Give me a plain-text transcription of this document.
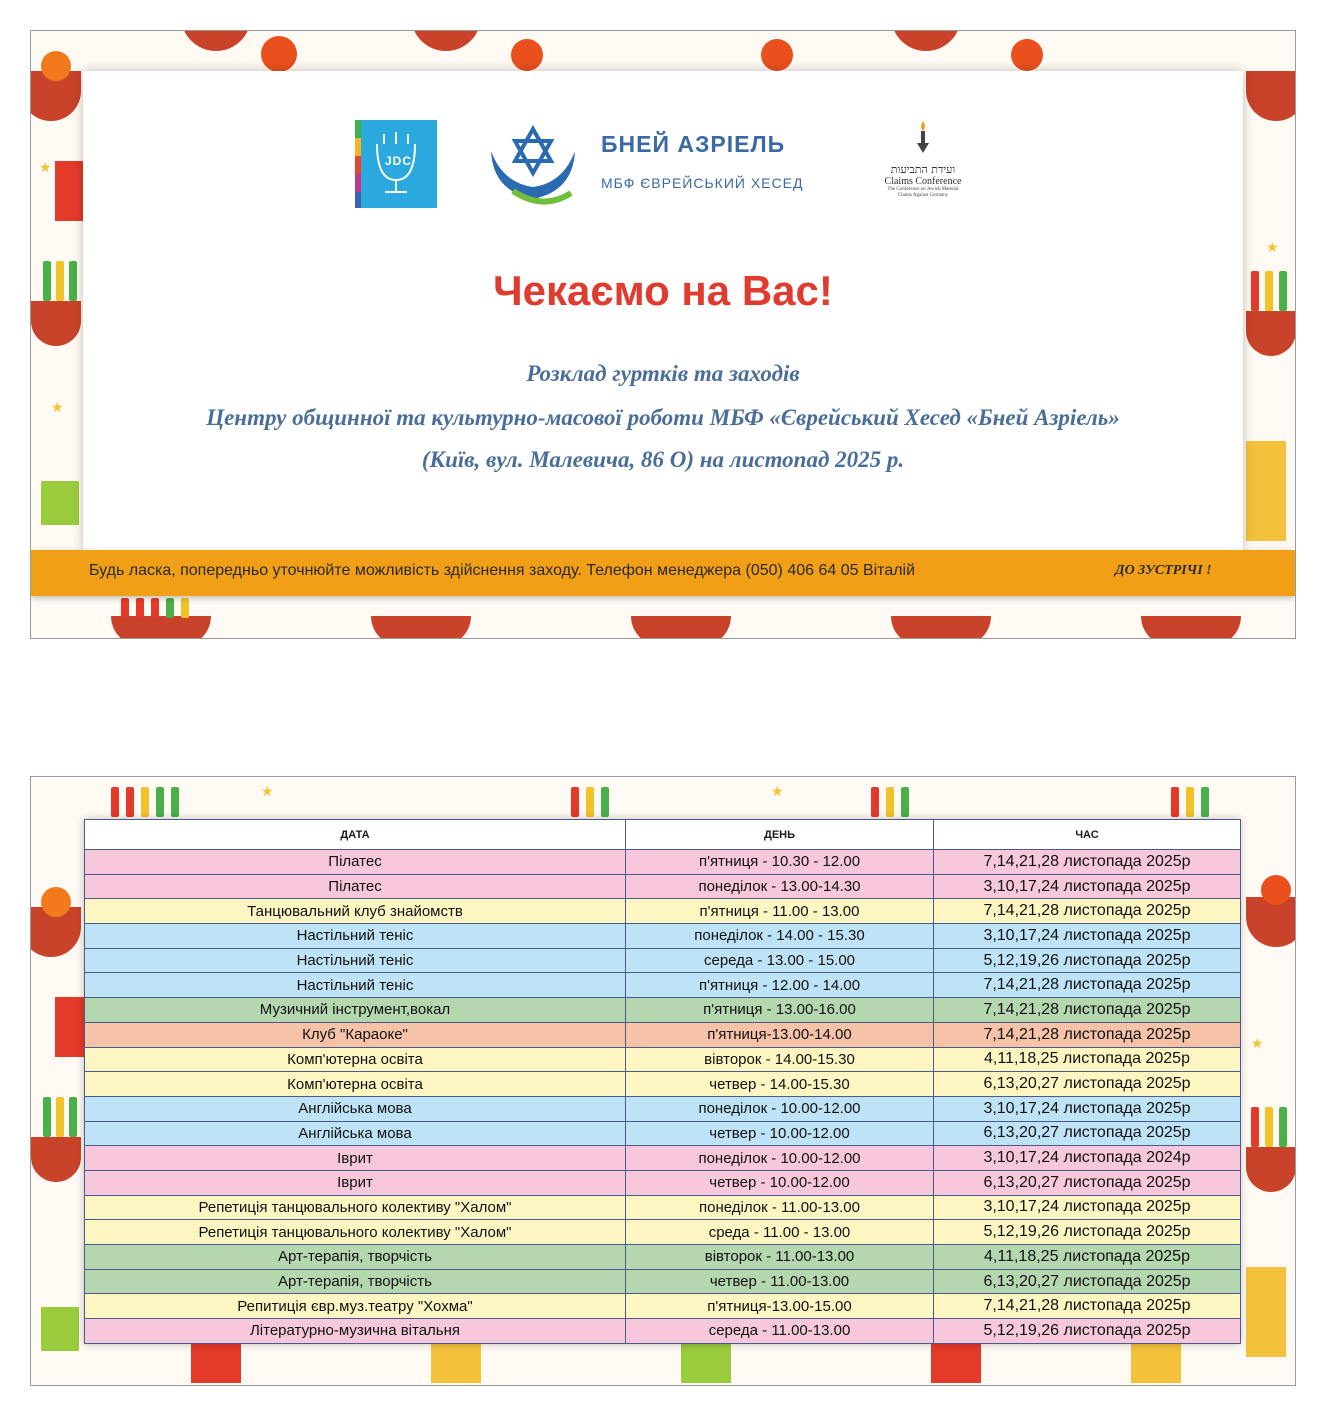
★
★
★
JDC
БНЕЙ АЗРІЕЛЬ
МБФ ЄВРЕЙСЬКИЙ ХЕСЕД
ועידת התביעות
Claims Conference
The Conference on Jewish Material
Claims Against Germany
Чекаємо на Вас!
Розклад гуртків та заходів
Центру общинної та культурно-масової роботи МБФ «Єврейський Хесед «Бней Азріель»
(Київ, вул. Малевича, 86 О) на листопад 2025 р.
Будь ласка, попередньо уточнюйте можливість здійснення заходу. Телефон менеджера (050) 406 64 05 Віталій	ДО ЗУСТРІЧІ !
★	★
★
ДАТА	ДЕНЬ	ЧАС
Пілатес	п'ятниця - 10.30 - 12.00	7,14,21,28 листопада 2025р
Пілатес	понеділок - 13.00-14.30	3,10,17,24 листопада 2025р
Танцювальний клуб знайомств	п'ятниця - 11.00 - 13.00	7,14,21,28 листопада 2025р
Настільний теніс	понеділок - 14.00 - 15.30	3,10,17,24 листопада 2025р
Настільний теніс	середа - 13.00 - 15.00	5,12,19,26 листопада 2025р
Настільний теніс	п'ятниця - 12.00 - 14.00	7,14,21,28 листопада 2025р
Музичний інструмент,вокал	п'ятниця - 13.00-16.00	7,14,21,28 листопада 2025р
Клуб "Караоке"	п'ятниця-13.00-14.00	7,14,21,28 листопада 2025р
Комп'ютерна освіта	вівторок - 14.00-15.30	4,11,18,25 листопада 2025р
Комп'ютерна освіта	четвер - 14.00-15.30	6,13,20,27 листопада 2025р
Англійська мова	понеділок - 10.00-12.00	3,10,17,24 листопада 2025р
Англійська мова	четвер - 10.00-12.00	6,13,20,27 листопада 2025р
Іврит	понеділок - 10.00-12.00	3,10,17,24 листопада 2024р
Іврит	четвер - 10.00-12.00	6,13,20,27 листопада 2025р
Репетиція танцювального колективу "Халом"	понеділок - 11.00-13.00	3,10,17,24 листопада 2025р
Репетиція танцювального колективу "Халом"	среда - 11.00 - 13.00	5,12,19,26 листопада 2025р
Арт-терапія, творчість	вівторок - 11.00-13.00	4,11,18,25 листопада 2025р
Арт-терапія, творчість	четвер - 11.00-13.00	6,13,20,27 листопада 2025р
Репитиція євр.муз.театру "Хохма"	п'ятниця-13.00-15.00	7,14,21,28 листопада 2025р
Літературно-музична вітальня	середа - 11.00-13.00	5,12,19,26 листопада 2025р
